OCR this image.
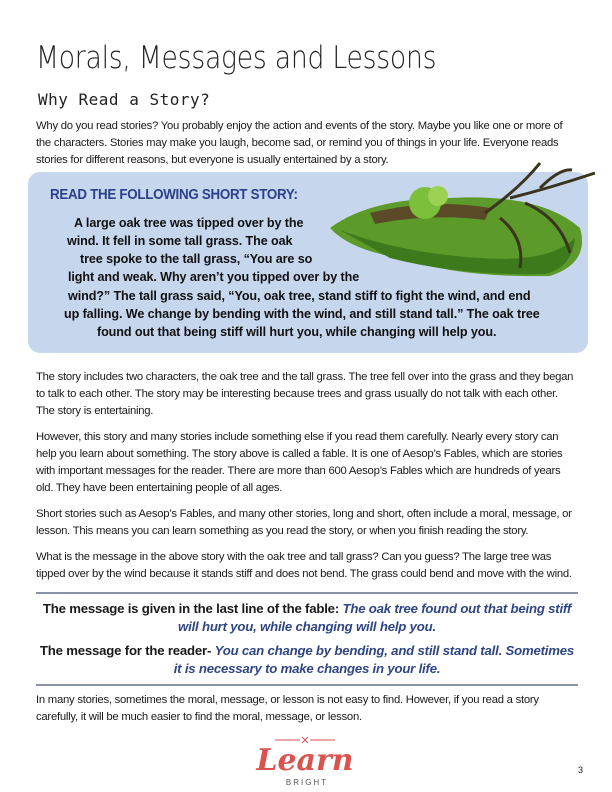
Morals, Messages and Lessons
Why Read a Story?

Why do you read stories? You probably enjoy the action and events of the story. Maybe you like one or more of the characters. Stories may make you laugh, become sad, or remind you of things in your life. Everyone reads stories for different reasons, but everyone is usually entertained by a story.

READ THE FOLLOWING SHORT STORY:
A large oak tree was tipped over by the
wind. It fell in some tall grass. The oak
tree spoke to the tall grass, “You are so
light and weak. Why aren’t you tipped over by the
wind?” The tall grass said, “You, oak tree, stand stiff to fight the wind, and end
up falling. We change by bending with the wind, and still stand tall.” The oak tree
found out that being stiff will hurt you, while changing will help you.

The story includes two characters, the oak tree and the tall grass. The tree fell over into the grass and they began to talk to each other. The story may be interesting because trees and grass usually do not talk with each other. The story is entertaining.

However, this story and many stories include something else if you read them carefully. Nearly every story can help you learn about something. The story above is called a fable. It is one of Aesop’s Fables, which are stories with important messages for the reader. There are more than 600 Aesop’s Fables which are hundreds of years old. They have been entertaining people of all ages.

Short stories such as Aesop’s Fables, and many other stories, long and short, often include a moral, message, or lesson. This means you can learn something as you read the story, or when you finish reading the story.

What is the message in the above story with the oak tree and tall grass? Can you guess? The large tree was tipped over by the wind because it stands stiff and does not bend. The grass could bend and move with the wind.

The message is given in the last line of the fable: The oak tree found out that being stiff will hurt you, while changing will help you.
The message for the reader- You can change by bending, and still stand tall. Sometimes it is necessary to make changes in your life.

In many stories, sometimes the moral, message, or lesson is not easy to find. However, if you read a story carefully, it will be much easier to find the moral, message, or lesson.

Learn
BRIGHT
3
